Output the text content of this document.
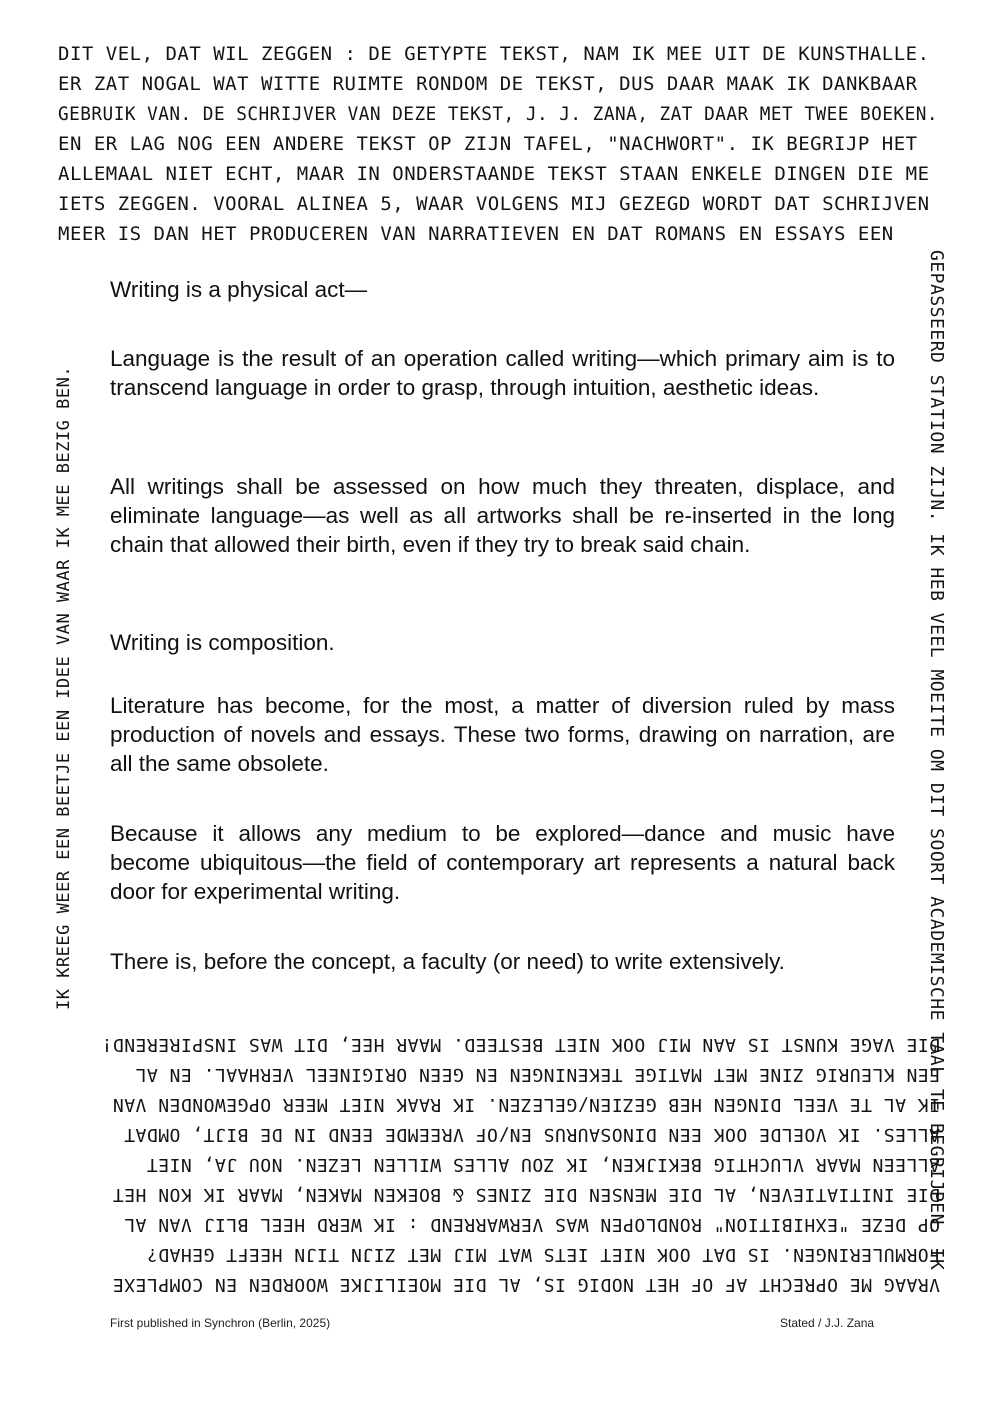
DIT VEL, DAT WIL ZEGGEN : DE GETYPTE TEKST, NAM IK MEE UIT DE KUNSTHALLE.
ER ZAT NOGAL WAT WITTE RUIMTE RONDOM DE TEKST, DUS DAAR MAAK IK DANKBAAR
GEBRUIK VAN. DE SCHRIJVER VAN DEZE TEKST, J. J. ZANA, ZAT DAAR MET TWEE BOEKEN.
EN ER LAG NOG EEN ANDERE TEKST OP ZIJN TAFEL, "NACHWORT". IK BEGRIJP HET
ALLEMAAL NIET ECHT, MAAR IN ONDERSTAANDE TEKST STAAN ENKELE DINGEN DIE ME
IETS ZEGGEN. VOORAL ALINEA 5, WAAR VOLGENS MIJ GEZEGD WORDT DAT SCHRIJVEN
MEER IS DAN HET PRODUCEREN VAN NARRATIEVEN EN DAT ROMANS EN ESSAYS EEN
IK KREEG WEER EEN BEETJE EEN IDEE VAN WAAR IK MEE BEZIG BEN.	GEPASSEERD STATION ZIJN. IK HEB VEEL MOEITE OM DIT SOORT ACADEMISCHE TAAL TE BEGRIJPEN. IK
VRAAG ME OPRECHT AF OF HET NODIG IS, AL DIE MOEILIJKE WOORDEN EN COMPLEXE
FORMULERINGEN. IS DAT OOK NIET IETS WAT MIJ MET ZIJN TIJN HEEFT GEHAD?
OP DEZE "EXHIBITION" RONDLOPEN WAS VERWARREND : IK WERD HEEL BLIJ VAN AL
DIE INITIATIEVEN, AL DIE MENSEN DIE ZINES & BOEKEN MAKEN, MAAR IK KON HET
ALLEEN MAAR VLUCHTIG BEKIJKEN, IK ZOU ALLES WILLEN LEZEN. NOU JA, NIET
ALLES. IK VOELDE OOK EEN DINOSAURUS EN/OF VREEMDE EEND IN DE BIJT, OMDAT
IK AL TE VEEL DINGEN HEB GEZIEN/GELEZEN. IK RAAK NIET MEER OPGEWONDEN VAN
EEN KLEURIG ZINE MET MATIGE TEKENINGEN EN GEEN ORIGINEEL VERHAAL. EN AL
DIE VAGE KUNST IS AAN MIJ OOK NIET BESTEED. MAAR HEE, DIT WAS INSPIREREND!

Writing is a physical act—

Language is the result of an operation called writing—which primary aim is to transcend language in order to grasp, through intuition, aesthetic ideas.

All writings shall be assessed on how much they threaten, displace, and eliminate language—as well as all artworks shall be re-inserted in the long chain that allowed their birth, even if they try to break said chain.

Writing is composition.

Literature has become, for the most, a matter of diversion ruled by mass production of novels and essays. These two forms, drawing on narration, are all the same obsolete.

Because it allows any medium to be explored—dance and music have become ubiquitous—the field of contemporary art represents a natural back door for experimental writing.

There is, before the concept, a faculty (or need) to write extensively.

First published in Synchron (Berlin, 2025)	Stated / J.J. Zana
